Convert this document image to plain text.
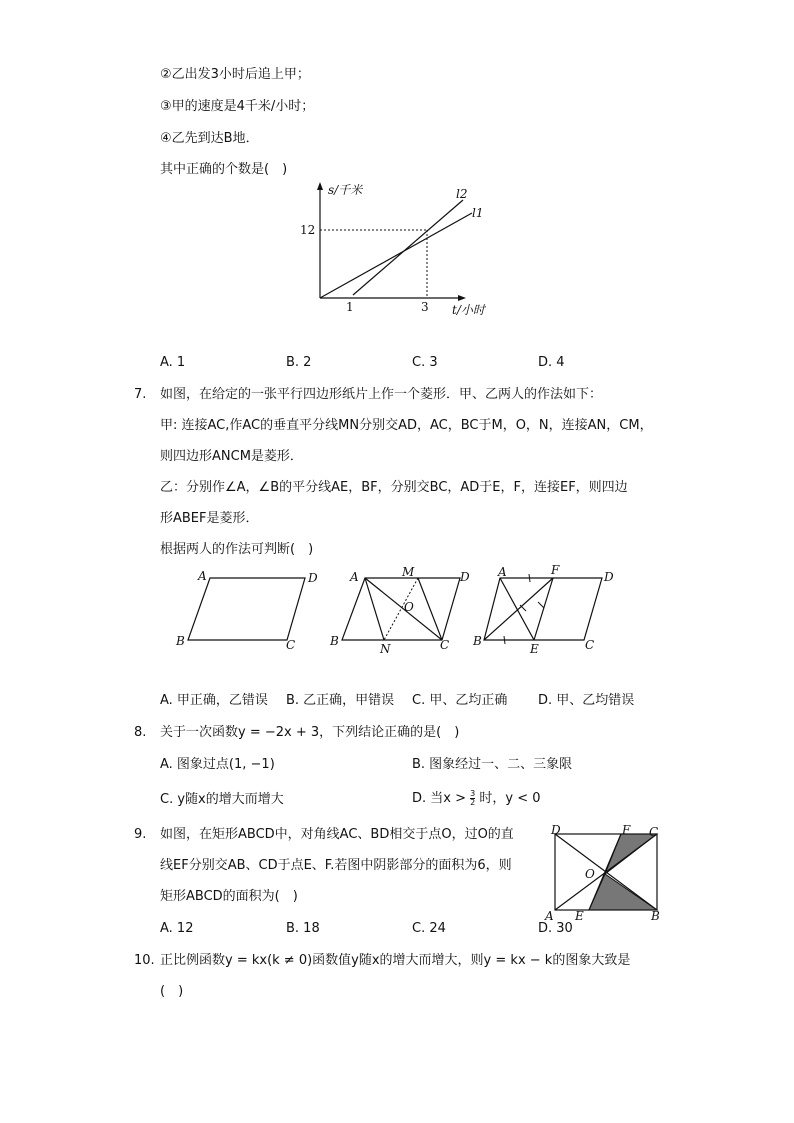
②乙出发3小时后追上甲；
③甲的速度是4千米/小时；
④乙先到达B地．
其中正确的个数是(　)
s/千米
t/小时
12
1	3
l2
l1
A. 1	B. 2	C. 3	D. 4
7. 如图，在给定的一张平行四边形纸片上作一个菱形．甲、乙两人的作法如下：
甲: 连接AC,作AC的垂直平分线MN分别交AD，AC，BC于M，O，N，连接AN，CM，
则四边形ANCM是菱形．
乙：分别作∠A，∠B的平分线AE，BF，分别交BC，AD于E，F，连接EF，则四边
形ABEF是菱形．
根据两人的作法可判断(　)
A	D
B	C
A	M	D
O
B
N	C
A	F	D
B
E	C
A. 甲正确，乙错误 B. 乙正确，甲错误 C. 甲、乙均正确 D. 甲、乙均错误
8. 关于一次函数y = −2x + 3，下列结论正确的是(　)
A. 图象过点(1, −1)	B. 图象经过一、二、三象限
C. y随x的增大而增大	D. 当$x > \frac{3}{2}$ 时，y < 0
9. 如图，在矩形ABCD中，对角线AC、BD相交于点O，过O的直
线EF分别交AB、CD于点E、F.若图中阴影部分的面积为6，则
矩形ABCD的面积为(　)
D	F C
O
A E	B
A. 12	B. 18	C. 24	D. 30
10. 正比例函数y = kx(k ≠ 0)函数值y随x的增大而增大，则y = kx − k的图象大致是
(　)
